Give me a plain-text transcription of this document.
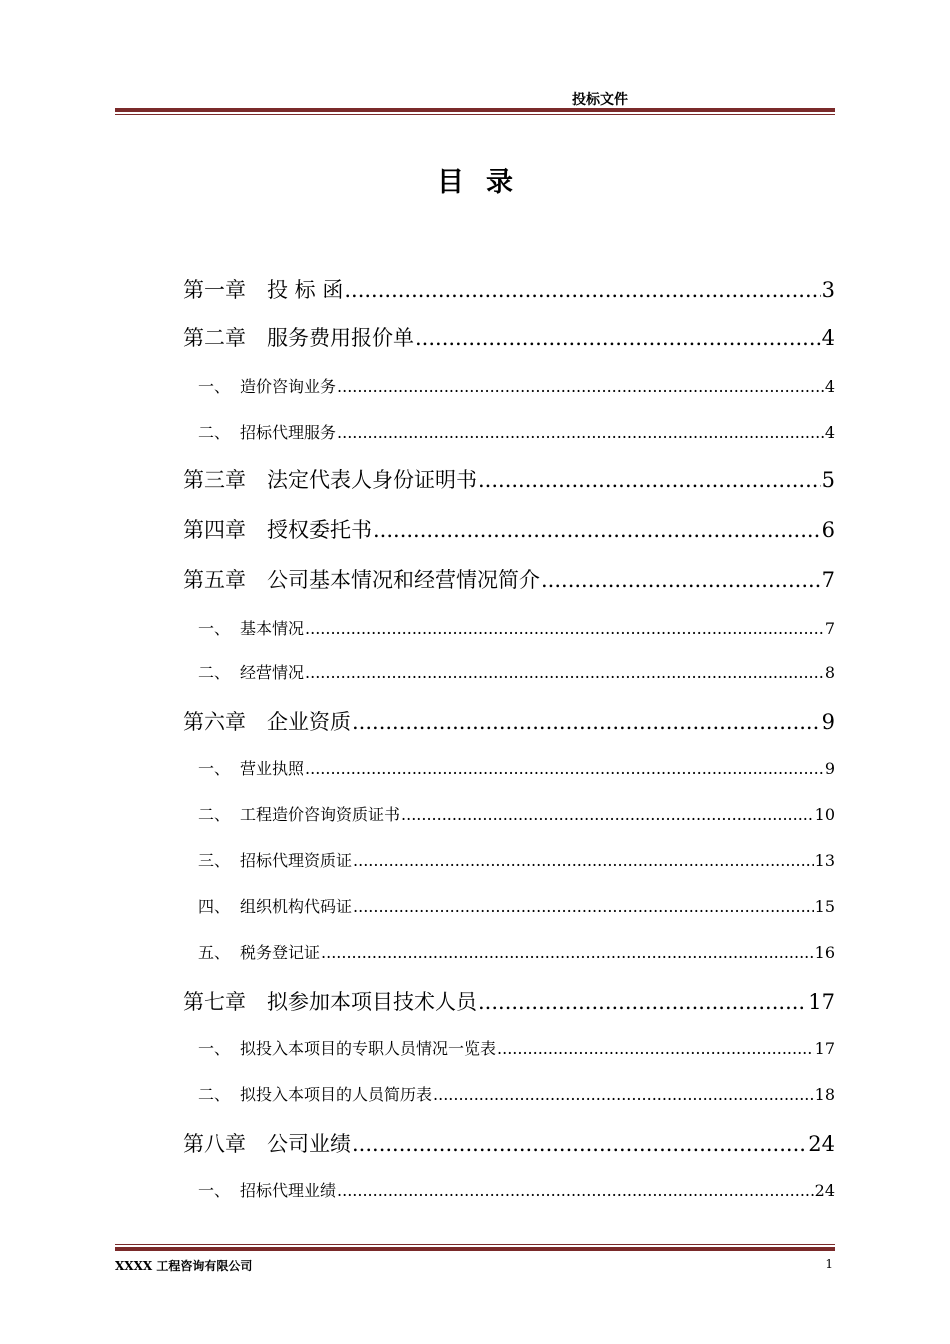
投标文件
目录
第一章	投 标 函 .....	3
第二章	服务费用报价单 .....	4
一、 造价咨询业务 .....	4
二、 招标代理服务 .....	4
第三章	法定代表人身份证明书 .....	5
第四章	授权委托书 .....	6
第五章	公司基本情况和经营情况简介 .....	7
一、 基本情况 .....	7
二、 经营情况 .....	8
第六章	企业资质 .....	9
一、 营业执照 .....	9
二、 工程造价咨询资质证书 .....	10
三、 招标代理资质证 .....	13
四、 组织机构代码证 .....	15
五、 税务登记证 .....	16
第七章	拟参加本项目技术人员 .....	17
一、 拟投入本项目的专职人员情况一览表 .....	17
二、 拟投入本项目的人员简历表 .....	18
第八章	公司业绩 .....	24
一、 招标代理业绩 .....	24
XXXX 工程咨询有限公司	1
